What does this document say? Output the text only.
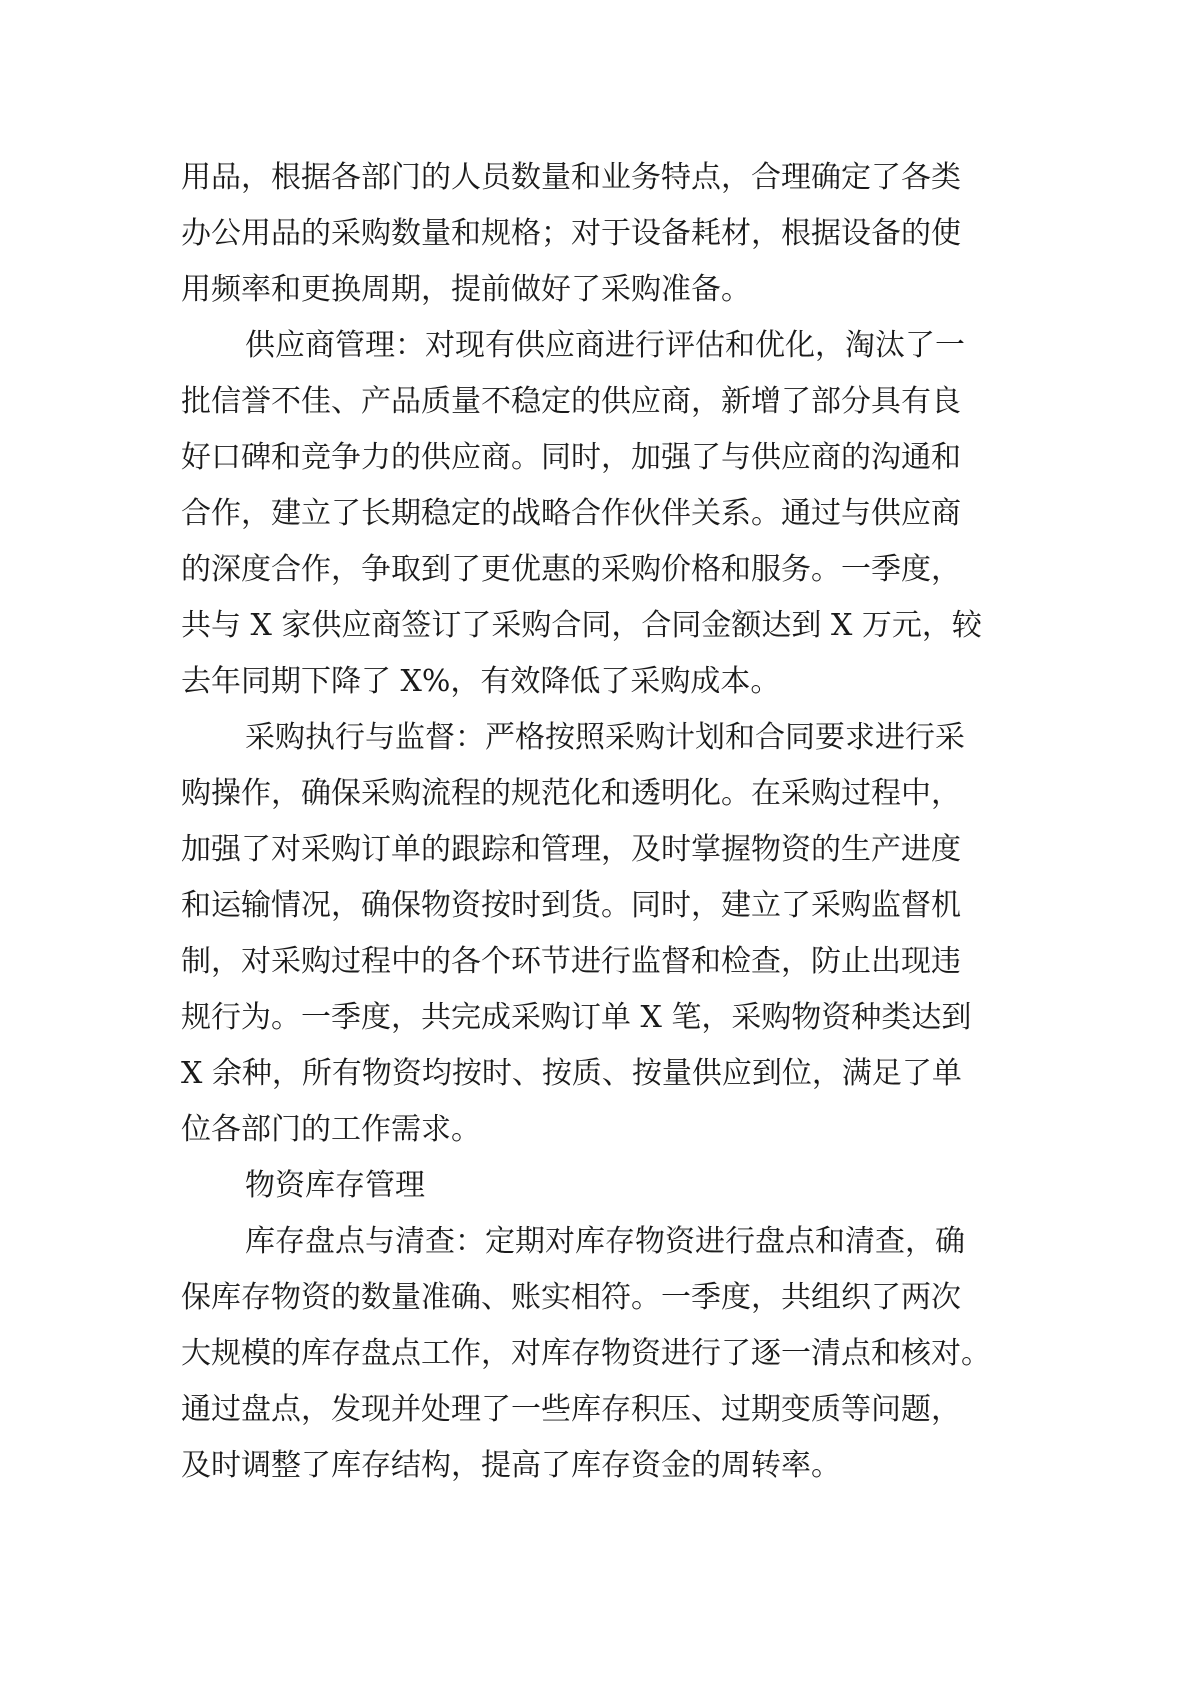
用品，根据各部门的人员数量和业务特点，合理确定了各类
办公用品的采购数量和规格；对于设备耗材，根据设备的使
用频率和更换周期，提前做好了采购准备。
供应商管理：对现有供应商进行评估和优化，淘汰了一
批信誉不佳、产品质量不稳定的供应商，新增了部分具有良
好口碑和竞争力的供应商。同时，加强了与供应商的沟通和
合作，建立了长期稳定的战略合作伙伴关系。通过与供应商
的深度合作，争取到了更优惠的采购价格和服务。一季度，
共与 X 家供应商签订了采购合同，合同金额达到 X 万元，较
去年同期下降了 X%，有效降低了采购成本。
采购执行与监督：严格按照采购计划和合同要求进行采
购操作，确保采购流程的规范化和透明化。在采购过程中，
加强了对采购订单的跟踪和管理，及时掌握物资的生产进度
和运输情况，确保物资按时到货。同时，建立了采购监督机
制，对采购过程中的各个环节进行监督和检查，防止出现违
规行为。一季度，共完成采购订单 X 笔，采购物资种类达到
X 余种，所有物资均按时、按质、按量供应到位，满足了单
位各部门的工作需求。
物资库存管理
库存盘点与清查：定期对库存物资进行盘点和清查，确
保库存物资的数量准确、账实相符。一季度，共组织了两次
大规模的库存盘点工作，对库存物资进行了逐一清点和核对。
通过盘点，发现并处理了一些库存积压、过期变质等问题，
及时调整了库存结构，提高了库存资金的周转率。
